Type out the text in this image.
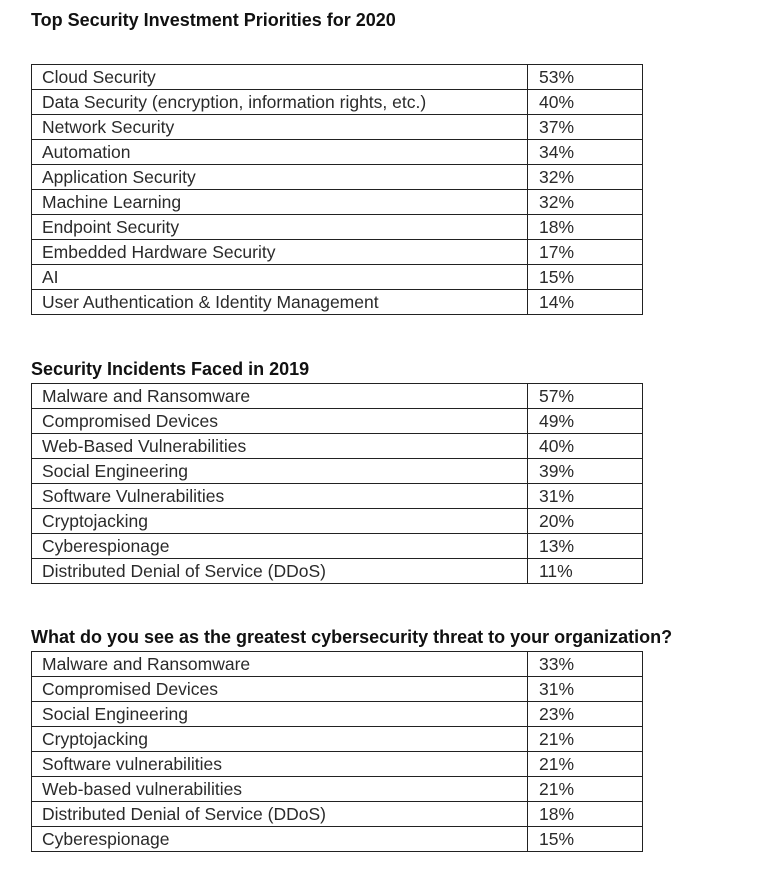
Top Security Investment Priorities for 2020
Cloud Security	53%
Data Security (encryption, information rights, etc.)	40%
Network Security	37%
Automation	34%
Application Security	32%
Machine Learning	32%
Endpoint Security	18%
Embedded Hardware Security	17%
AI	15%
User Authentication & Identity Management	14%
Security Incidents Faced in 2019
Malware and Ransomware	57%
Compromised Devices	49%
Web-Based Vulnerabilities	40%
Social Engineering	39%
Software Vulnerabilities	31%
Cryptojacking	20%
Cyberespionage	13%
Distributed Denial of Service (DDoS)	11%
What do you see as the greatest cybersecurity threat to your organization?
Malware and Ransomware	33%
Compromised Devices	31%
Social Engineering	23%
Cryptojacking	21%
Software vulnerabilities	21%
Web-based vulnerabilities	21%
Distributed Denial of Service (DDoS)	18%
Cyberespionage	15%
